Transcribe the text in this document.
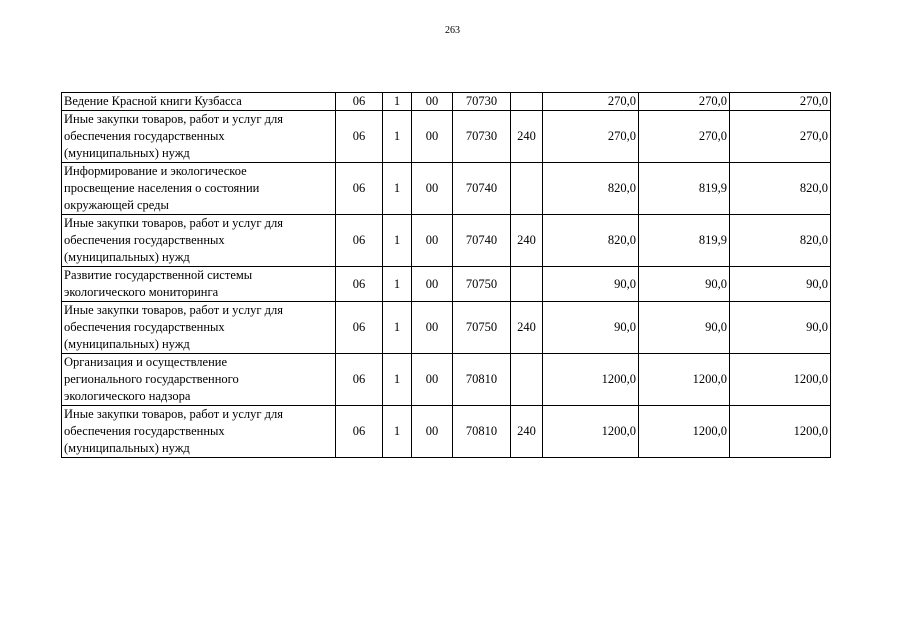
263
Ведение Красной книги Кузбасса	06	1	00	70730		270,0	270,0	270,0
Иные закупки товаров, работ и услуг для
обеспечения государственных
(муниципальных) нужд	06	1	00	70730	240	270,0	270,0	270,0
Информирование и экологическое
просвещение населения о состоянии
окружающей среды	06	1	00	70740		820,0	819,9	820,0
Иные закупки товаров, работ и услуг для
обеспечения государственных
(муниципальных) нужд	06	1	00	70740	240	820,0	819,9	820,0
Развитие государственной системы
экологического мониторинга	06	1	00	70750		90,0	90,0	90,0
Иные закупки товаров, работ и услуг для
обеспечения государственных
(муниципальных) нужд	06	1	00	70750	240	90,0	90,0	90,0
Организация и осуществление
регионального государственного
экологического надзора	06	1	00	70810		1200,0	1200,0	1200,0
Иные закупки товаров, работ и услуг для
обеспечения государственных
(муниципальных) нужд	06	1	00	70810	240	1200,0	1200,0	1200,0
